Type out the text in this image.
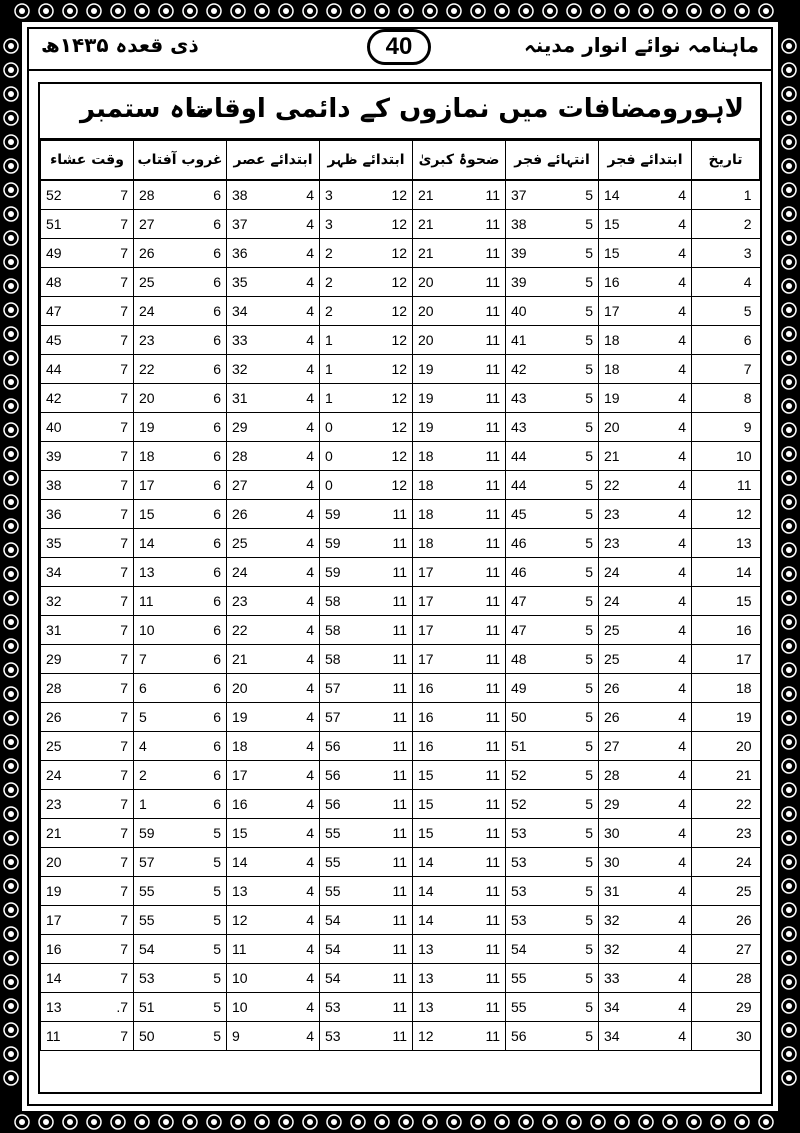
ماہنامہ نوائے انوار مدینہ
40
ذی قعدہ ۱۴۳۵ھ
لاہورومضافات میں نمازوں کے دائمی اوقات
ماہ ستمبر
وقت عشاء		غروب آفتاب		ابتدائے عصر		ابتدائے ظہر		ضحوۂ کبریٰ		انتہائے فجر		ابتدائے فجر		تاریخ
52	7	28	6	38	4	3	12	21	11	37	5	14	4	1
51	7	27	6	37	4	3	12	21	11	38	5	15	4	2
49	7	26	6	36	4	2	12	21	11	39	5	15	4	3
48	7	25	6	35	4	2	12	20	11	39	5	16	4	4
47	7	24	6	34	4	2	12	20	11	40	5	17	4	5
45	7	23	6	33	4	1	12	20	11	41	5	18	4	6
44	7	22	6	32	4	1	12	19	11	42	5	18	4	7
42	7	20	6	31	4	1	12	19	11	43	5	19	4	8
40	7	19	6	29	4	0	12	19	11	43	5	20	4	9
39	7	18	6	28	4	0	12	18	11	44	5	21	4	10
38	7	17	6	27	4	0	12	18	11	44	5	22	4	11
36	7	15	6	26	4	59	11	18	11	45	5	23	4	12
35	7	14	6	25	4	59	11	18	11	46	5	23	4	13
34	7	13	6	24	4	59	11	17	11	46	5	24	4	14
32	7	11	6	23	4	58	11	17	11	47	5	24	4	15
31	7	10	6	22	4	58	11	17	11	47	5	25	4	16
29	7	7	6	21	4	58	11	17	11	48	5	25	4	17
28	7	6	6	20	4	57	11	16	11	49	5	26	4	18
26	7	5	6	19	4	57	11	16	11	50	5	26	4	19
25	7	4	6	18	4	56	11	16	11	51	5	27	4	20
24	7	2	6	17	4	56	11	15	11	52	5	28	4	21
23	7	1	6	16	4	56	11	15	11	52	5	29	4	22
21	7	59	5	15	4	55	11	15	11	53	5	30	4	23
20	7	57	5	14	4	55	11	14	11	53	5	30	4	24
19	7	55	5	13	4	55	11	14	11	53	5	31	4	25
17	7	55	5	12	4	54	11	14	11	53	5	32	4	26
16	7	54	5	11	4	54	11	13	11	54	5	32	4	27
14	7	53	5	10	4	54	11	13	11	55	5	33	4	28
13	.7	51	5	10	4	53	11	13	11	55	5	34	4	29
11	7	50	5	9	4	53	11	12	11	56	5	34	4	30
